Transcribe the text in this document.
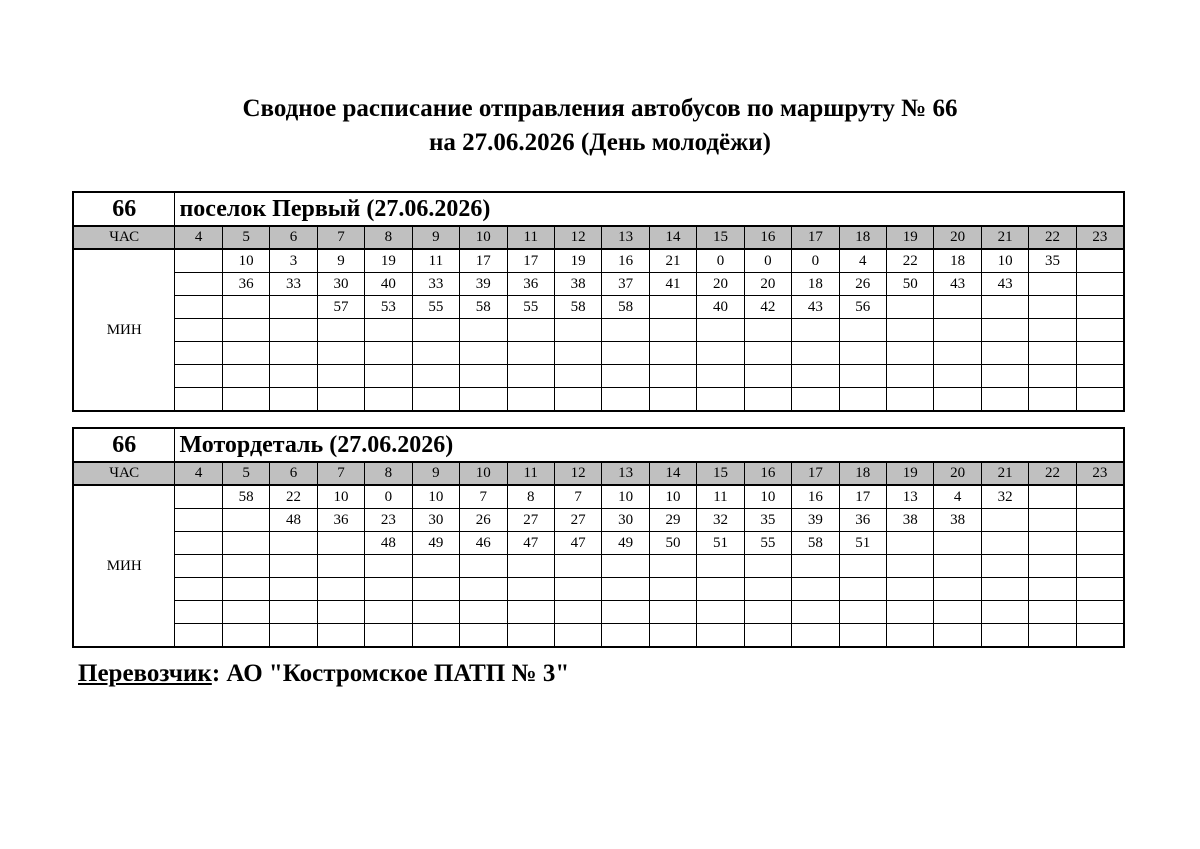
Сводное расписание отправления автобусов по маршруту № 66
на 27.06.2026 (День молодёжи)
66	поселок Первый (27.06.2026)																			
ЧАС	4	5	6	7	8	9	10	11	12	13	14	15	16	17	18	19	20	21	22	23
МИН		10	3	9	19	11	17	17	19	16	21	0	0	0	4	22	18	10	35	
		36	33	30	40	33	39	36	38	37	41	20	20	18	26	50	43	43		
				57	53	55	58	55	58	58		40	42	43	56					

66	Мотордеталь (27.06.2026)																			
ЧАС	4	5	6	7	8	9	10	11	12	13	14	15	16	17	18	19	20	21	22	23
МИН		58	22	10	0	10	7	8	7	10	10	11	10	16	17	13	4	32		
			48	36	23	30	26	27	27	30	29	32	35	39	36	38	38			
					48	49	46	47	47	49	50	51	55	58	51					

Перевозчик: АО "Костромское ПАТП № 3"
